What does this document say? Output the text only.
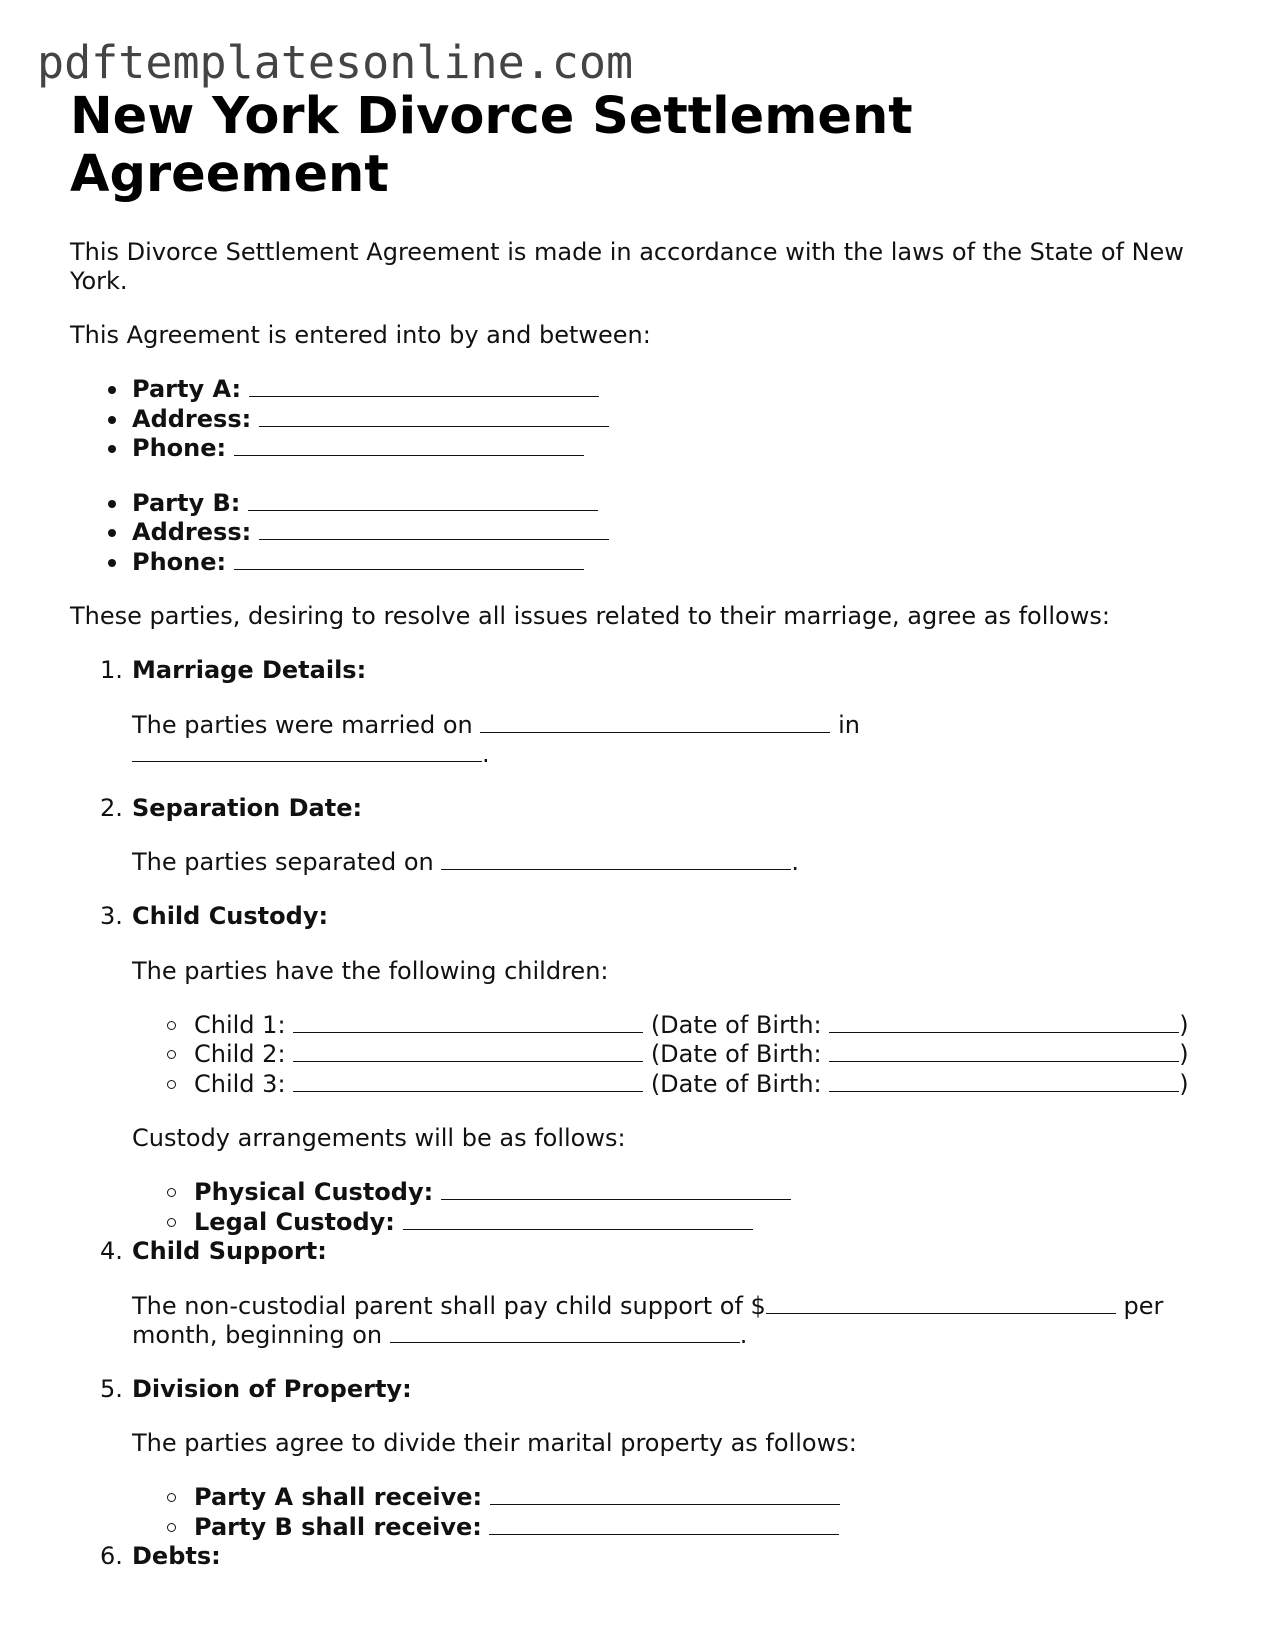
pdftemplatesonline.com
New York Divorce Settlement Agreement

This Divorce Settlement Agreement is made in accordance with the laws of the State of New York.

This Agreement is entered into by and between:

Party A:
Address:
Phone:
Party B:
Address:
Phone:

These parties, desiring to resolve all issues related to their marriage, agree as follows:

1. Marriage Details:

The parties were married on	in .

2. Separation Date:

The parties separated on	.

3. Child Custody:

The parties have the following children:

Child 1:	(Date of Birth:	)
Child 2:	(Date of Birth:	)
Child 3:	(Date of Birth:	)

Custody arrangements will be as follows:

Physical Custody:
Legal Custody:
4. Child Support:

The non-custodial parent shall pay child support of $	per month, beginning on	.

5. Division of Property:

The parties agree to divide their marital property as follows:

Party A shall receive:
Party B shall receive:
6. Debts:
